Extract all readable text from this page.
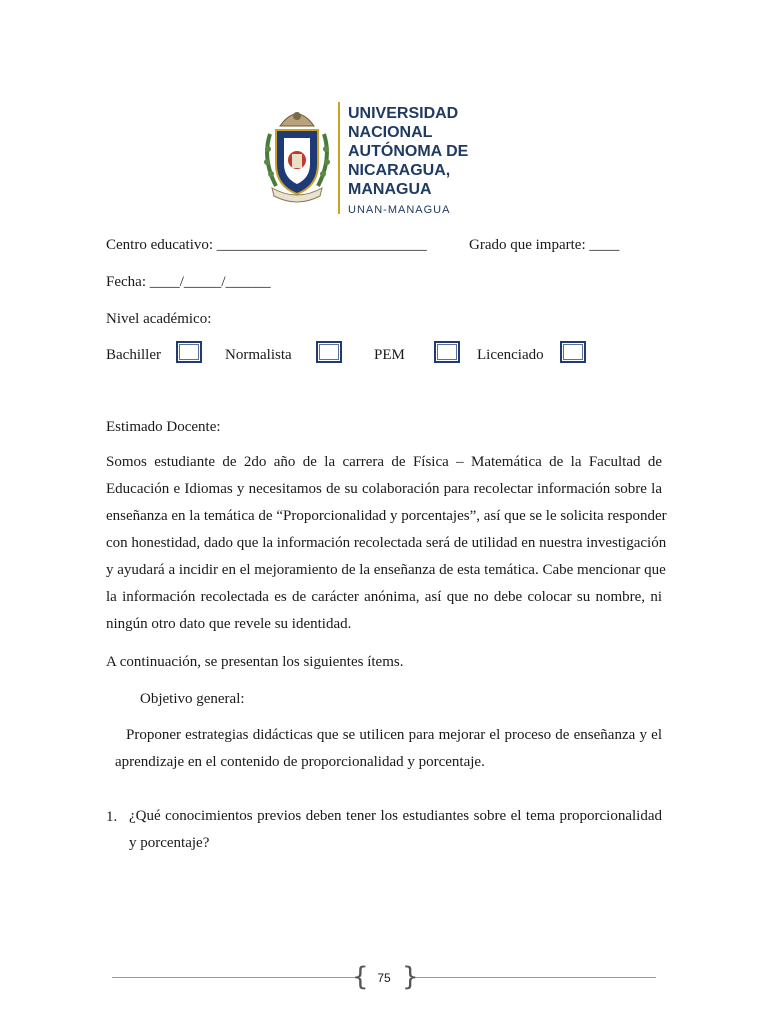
UNIVERSIDAD
NACIONAL
AUTÓNOMA DE
NICARAGUA,
MANAGUA
UNAN-MANAGUA
Centro educativo: ____________________________	Grado que imparte: ____
Fecha: ____/_____/______
Nivel académico:
Bachiller	Normalista	PEM	Licenciado
Estimado Docente:
Somos estudiante de 2do año de la carrera de Física – Matemática de la Facultad de
Educación e Idiomas y necesitamos de su colaboración para recolectar información sobre la
enseñanza en la temática de “Proporcionalidad y porcentajes”, así que se le solicita responder
con honestidad, dado que la información recolectada será de utilidad en nuestra investigación
y ayudará a incidir en el mejoramiento de la enseñanza de esta temática. Cabe mencionar que
la información recolectada es de carácter anónima, así que no debe colocar su nombre, ni
ningún otro dato que revele su identidad.
A continuación, se presentan los siguientes ítems.
Objetivo general:
Proponer estrategias didácticas que se utilicen para mejorar el proceso de enseñanza y el
aprendizaje en el contenido de proporcionalidad y porcentaje.
1. ¿Qué conocimientos previos deben tener los estudiantes sobre el tema proporcionalidad
y porcentaje?
{ }
75
